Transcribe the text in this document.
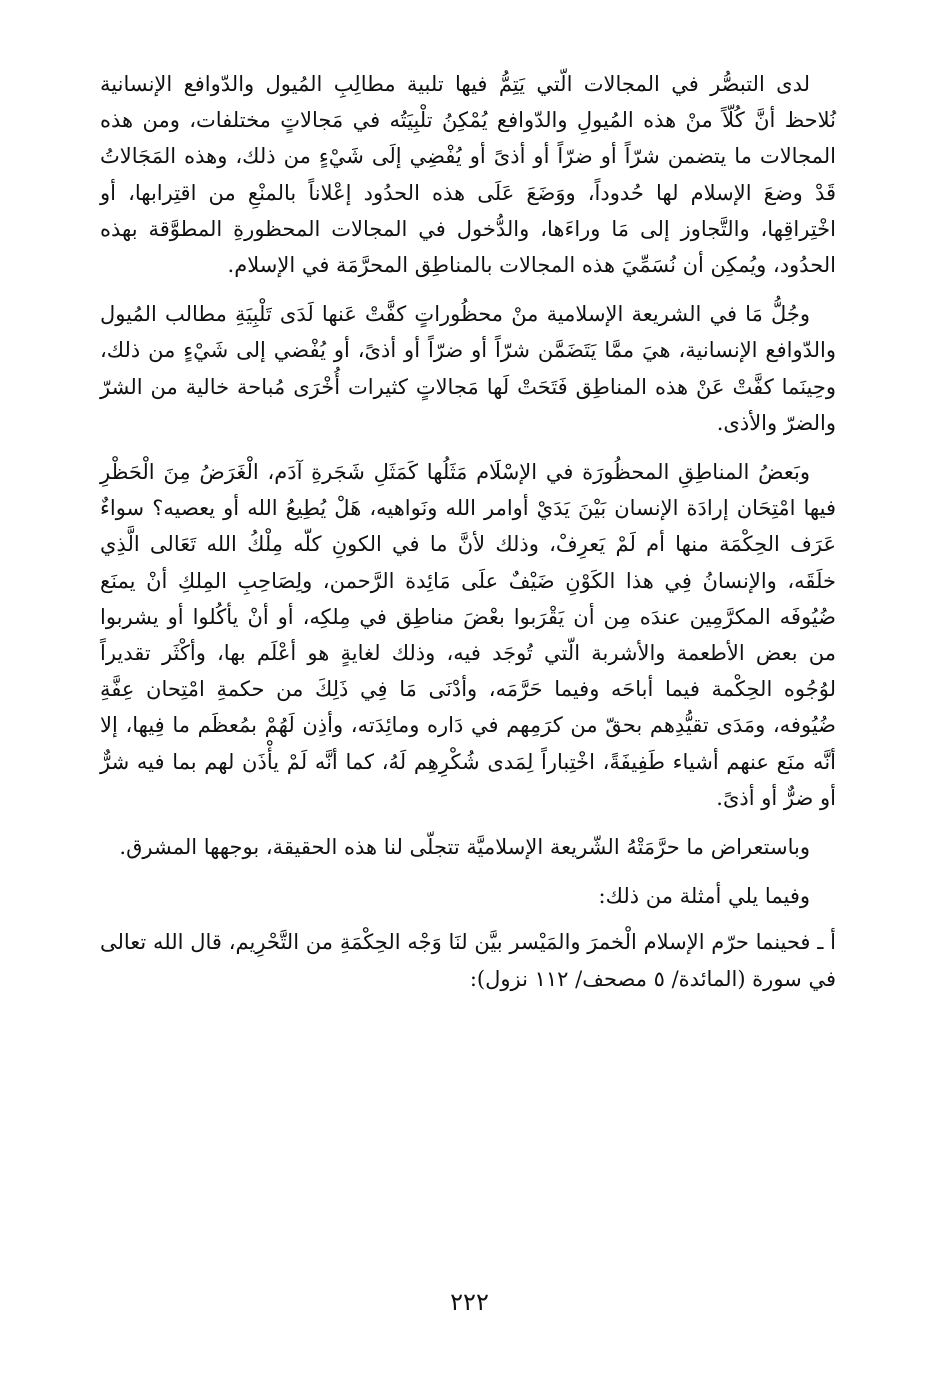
لدى التبصُّر في المجالات الّتي يَتِمُّ فيها تلبية مطالِبِ المُيول والدّوافع الإنسانية نُلاحظ أنَّ كُلّاً منْ هذه المُيولِ والدّوافع يُمْكِنُ تلْبِيَتُه في مَجالاتٍ مختلفات، ومن هذه المجالات ما يتضمن شرّاً أو ضرّاً أو أذىً أو يُفْضِي إلَى شَيْءٍ من ذلك، وهذه المَجَالاتُ قَدْ وضعَ الإسلام لها حُدوداً، ووَضَعَ عَلَى هذه الحدُود إعْلاناً بالمنْعِ من اقتِرابها، أو اخْتِراقِها، والتَّجاوز إلى مَا وراءَها، والدُّخول في المجالات المحظورةِ المطوَّقة بهذه الحدُود، ويُمكِن أن نُسَمِّيَ هذه المجالات بالمناطِق المحرَّمَة في الإسلام.

وجُلُّ مَا في الشريعة الإسلامية منْ محظُوراتٍ كفَّتْ عَنها لَدَى تَلْبِيَةِ مطالب المُيول والدّوافع الإنسانية، هيَ ممَّا يَتَضَمَّن شرّاً أو ضرّاً أو أذىً، أو يُفْضي إلى شَيْءٍ من ذلك، وحِينَما كفَّتْ عَنْ هذه المناطِق فَتَحَتْ لَها مَجالاتٍ كثيرات أُخْرَى مُباحة خالية من الشرّ والضرّ والأذى.

وبَعضُ المناطِقِ المحظُورَة في الإسْلَام مَثَلُها كَمَثَلِ شَجَرةِ آدَم، الْغَرَضُ مِنَ الْحَظْرِ فيها امْتِحَان إرادَة الإنسان بَيْنَ يَدَيْ أوامر الله ونَواهيه، هَلْ يُطِيعُ الله أو يعصيه؟ سواءٌ عَرَف الحِكْمَة منها أم لَمْ يَعرِفْ، وذلك لأنَّ ما في الكونِ كلّه مِلْكُ الله تَعَالى الَّذِي خلَقَه، والإنسانُ فِي هذا الكَوْنِ ضَيْفٌ علَى مَائِدة الرَّحمن، ولِصَاحِبِ المِلكِ أنْ يمنَع ضُيُوفَه المكرَّمِين عندَه مِن أن يَقْرَبوا بعْضَ مناطِق في مِلكِه، أو أنْ يأكُلوا أو يشربوا من بعض الأطعمة والأشربة الّتي تُوجَد فيه، وذلك لغايةٍ هو أعْلَم بها، وأكْثَر تقديراً لوُجُوه الحِكْمة فيما أباحَه وفيما حَرَّمَه، وأدْنَى مَا فِي ذَلِكَ من حكمةِ امْتِحان عِفَّةِ ضُيُوفه، ومَدَى تقيُّدِهم بحقّ من كرَمِهم في دَاره ومائِدَته، وأذِن لَهُمْ بمُعظَم ما فِيها، إلا أنَّه منَع عنهم أشياء طَفِيفَةً، اخْتِباراً لِمَدى شُكْرِهِم لَهُ، كما أنَّه لَمْ يأْذَن لهم بما فيه شرٌّ أو ضرٌّ أو أذىً.

وباستعراض ما حرَّمَتْهُ الشّريعة الإسلاميَّة تتجلّى لنا هذه الحقيقة، بوجهها المشرق.

وفيما يلي أمثلة من ذلك:

أ ـ فحينما حرّم الإسلام الْخمرَ والمَيْسر بيَّن لنَا وَجْه الحِكْمَةِ من التَّحْرِيم، قال الله تعالى في سورة (المائدة/ ٥ مصحف/ ١١٢ نزول):

٢٢٢
